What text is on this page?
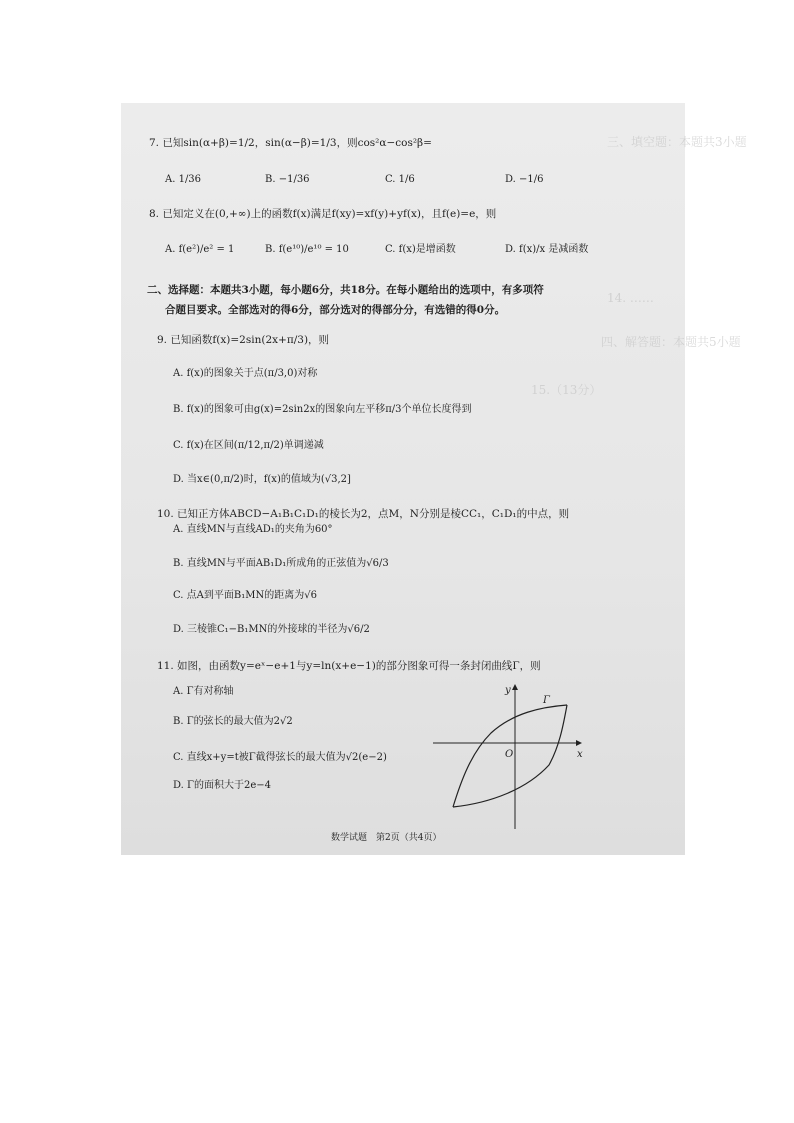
三、填空题：本题共3小题
14. ……
四、解答题：本题共5小题
15.（13分）
7. 已知sin(α+β)=1/2，sin(α−β)=1/3，则cos²α−cos²β=
A. 1/36	B. −1/36	C. 1/6	D. −1/6
8. 已知定义在(0,+∞)上的函数f(x)满足f(xy)=xf(y)+yf(x)，且f(e)=e，则
A. f(e²)/e² = 1	B. f(e¹⁰)/e¹⁰ = 10	C. f(x)是增函数	D. f(x)/x 是减函数
二、选择题：本题共3小题，每小题6分，共18分。在每小题给出的选项中，有多项符
合题目要求。全部选对的得6分，部分选对的得部分分，有选错的得0分。
9. 已知函数f(x)=2sin(2x+π/3)，则
A. f(x)的图象关于点(π/3,0)对称
B. f(x)的图象可由g(x)=2sin2x的图象向左平移π/3个单位长度得到
C. f(x)在区间(π/12,π/2)单调递减
D. 当x∈(0,π/2)时，f(x)的值域为(√3,2]
10. 已知正方体ABCD−A₁B₁C₁D₁的棱长为2，点M，N分别是棱CC₁，C₁D₁的中点，则
A. 直线MN与直线AD₁的夹角为60°
B. 直线MN与平面AB₁D₁所成角的正弦值为√6/3
C. 点A到平面B₁MN的距离为√6
D. 三棱锥C₁−B₁MN的外接球的半径为√6/2
11. 如图，由函数y=eˣ−e+1与y=ln(x+e−1)的部分图象可得一条封闭曲线Γ，则
A. Γ有对称轴
B. Γ的弦长的最大值为2√2
C. 直线x+y=t被Γ截得弦长的最大值为√2(e−2)
D. Γ的面积大于2e−4
y
x
O
Γ
数学试题　第2页（共4页）
